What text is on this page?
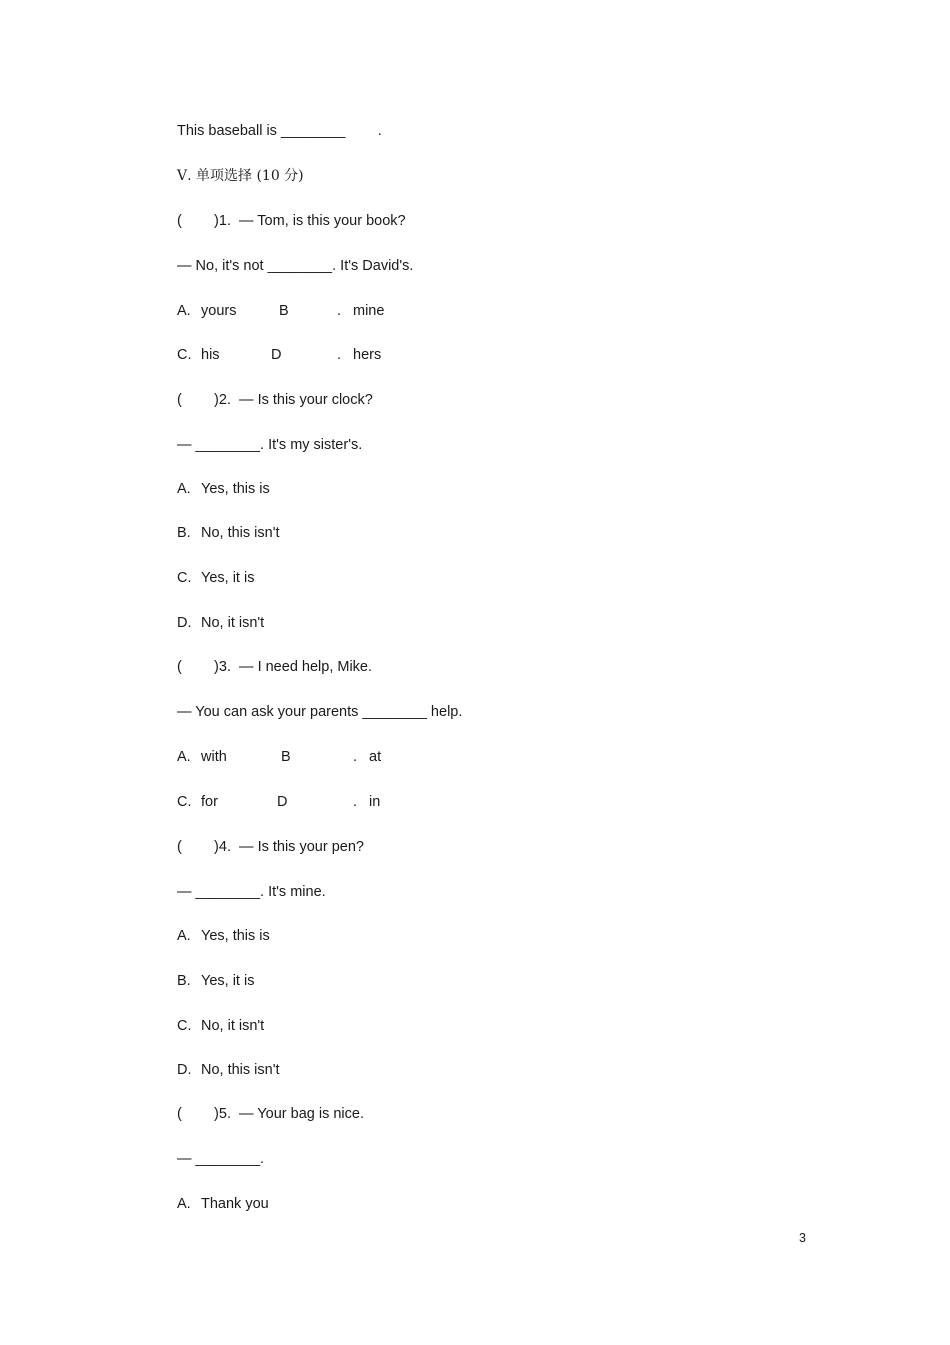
This baseball is ________        .
Ⅴ. 单项选择 (10 分)
(        )1.  — Tom, is this your book?
— No, it's not ________. It's David's.
A. yours	B	. mine
C. his	D	. hers
(        )2.  — Is this your clock?
— ________. It's my sister's.
A. Yes, this is
B. No, this isn't
C. Yes, it is
D. No, it isn't
(        )3.  — I need help, Mike.
— You can ask your parents ________ help.
A. with	B	. at
C. for	D	. in
(        )4.  — Is this your pen?
— ________. It's mine.
A. Yes, this is
B. Yes, it is
C. No, it isn't
D. No, this isn't
(        )5.  — Your bag is nice.
— ________.
A. Thank you
3
